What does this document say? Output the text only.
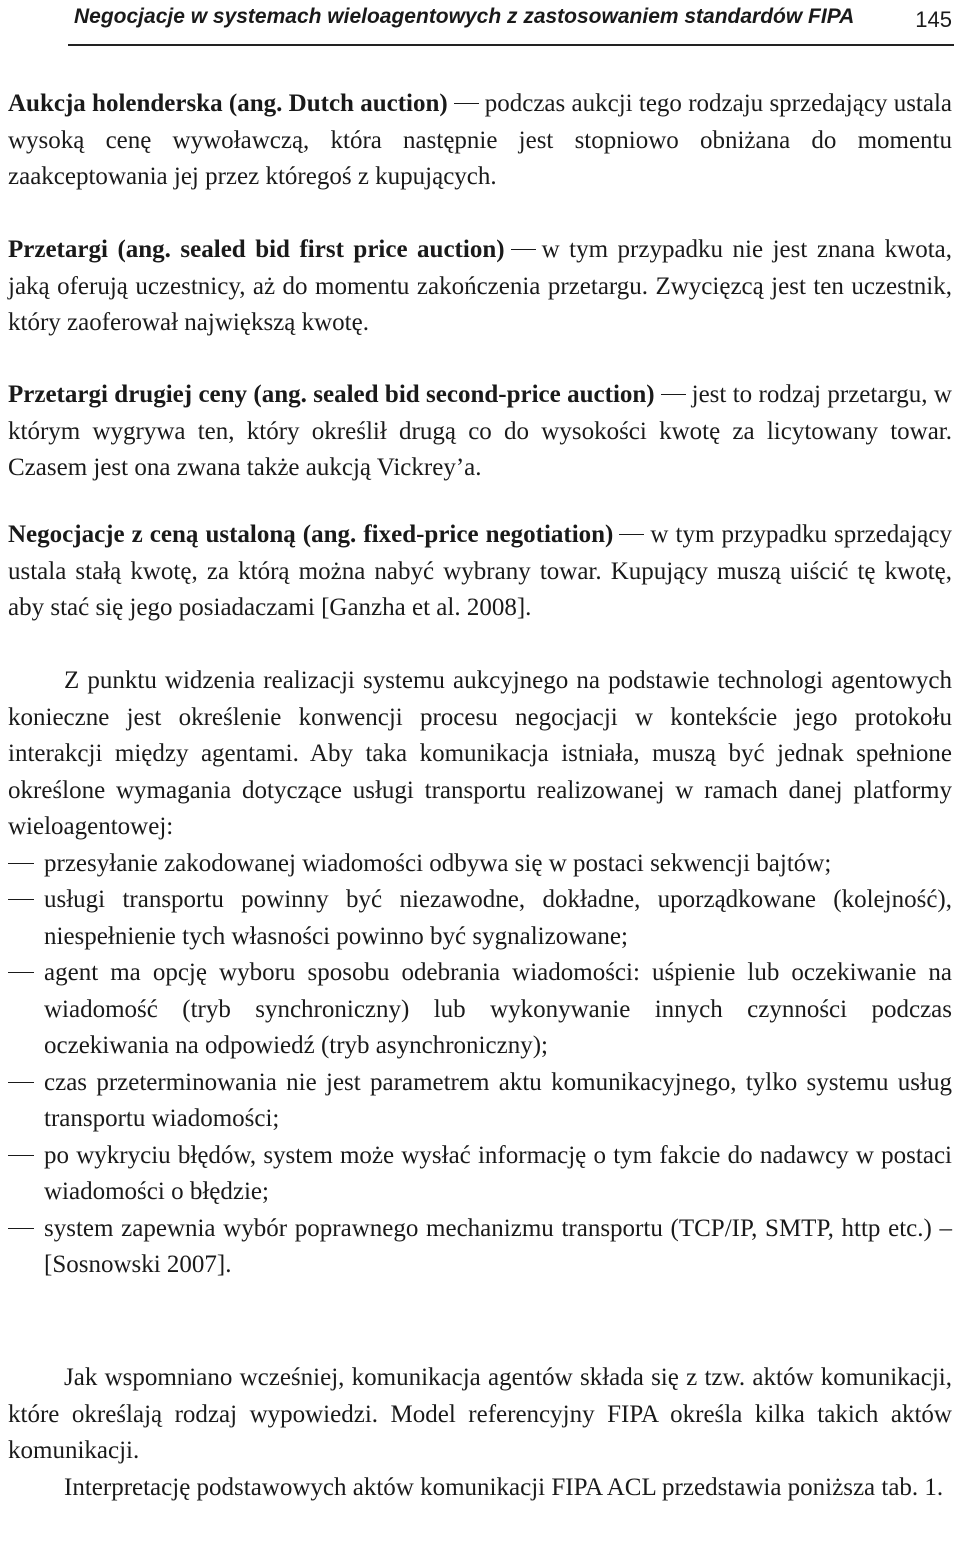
Negocjacje w systemach wieloagentowych z zastosowaniem standardów FIPA	145

Aukcja holenderska (ang. Dutch auction) podczas aukcji tego rodzaju sprzedający ustala wysoką cenę wywoławczą, która następnie jest stopniowo obniżana do momentu zaakceptowania jej przez któregoś z kupujących.

Przetargi (ang. sealed bid first price auction) w tym przypadku nie jest znana kwota, jaką oferują uczestnicy, aż do momentu zakończenia przetargu. Zwycięzcą jest ten uczestnik, który zaoferował największą kwotę.

Przetargi drugiej ceny (ang. sealed bid second-price auction) jest to rodzaj przetargu, w którym wygrywa ten, który określił drugą co do wysokości kwotę za licytowany towar. Czasem jest ona zwana także aukcją Vickrey’a.

Negocjacje z ceną ustaloną (ang. fixed-price negotiation) w tym przypadku sprzedający ustala stałą kwotę, za którą można nabyć wybrany towar. Kupujący muszą uiścić tę kwotę, aby stać się jego posiadaczami [Ganzha et al. 2008].

Z punktu widzenia realizacji systemu aukcyjnego na podstawie technologi agentowych konieczne jest określenie konwencji procesu negocjacji w kontekście jego protokołu interakcji między agentami. Aby taka komunikacja istniała, muszą być jednak spełnione określone wymagania dotyczące usługi transportu realizowanej w ramach danej platformy wieloagentowej:

przesyłanie zakodowanej wiadomości odbywa się w postaci sekwencji bajtów;
usługi transportu powinny być niezawodne, dokładne, uporządkowane (kolejność), niespełnienie tych własności powinno być sygnalizowane;
agent ma opcję wyboru sposobu odebrania wiadomości: uśpienie lub oczekiwanie na wiadomość (tryb synchroniczny) lub wykonywanie innych czynności podczas oczekiwania na odpowiedź (tryb asynchroniczny);
czas przeterminowania nie jest parametrem aktu komunikacyjnego, tylko systemu usług transportu wiadomości;
po wykryciu błędów, system może wysłać informację o tym fakcie do nadawcy w postaci wiadomości o błędzie;
system zapewnia wybór poprawnego mechanizmu transportu (TCP/IP, SMTP, http etc.) – [Sosnowski 2007].

Jak wspomniano wcześniej, komunikacja agentów składa się z tzw. aktów komunikacji, które określają rodzaj wypowiedzi. Model referencyjny FIPA określa kilka takich aktów komunikacji.

Interpretację podstawowych aktów komunikacji FIPA ACL przedstawia poniższa tab. 1.
